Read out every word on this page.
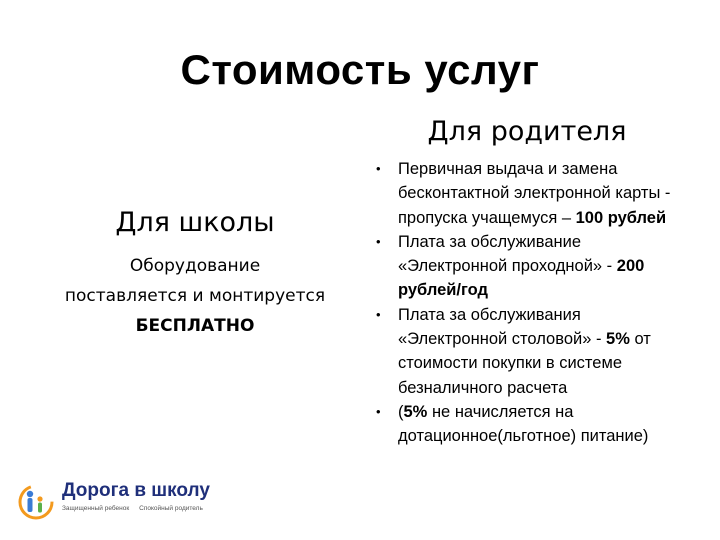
Стоимость услуг
Для школы
Оборудование
поставляется и монтируется
БЕСПЛАТНО
Для родителя
• Первичная выдача и замена бесконтактной электронной карты - пропуска учащемуся – 100 рублей
• Плата за обслуживание «Электронной проходной» - 200 рублей/год
• Плата за обслуживания «Электронной столовой» - 5% от стоимости покупки в системе безналичного расчета
• (5% не начисляется на дотационное(льготное) питание)
Дорога в школу
Защищенный ребенок Спокойный родитель
